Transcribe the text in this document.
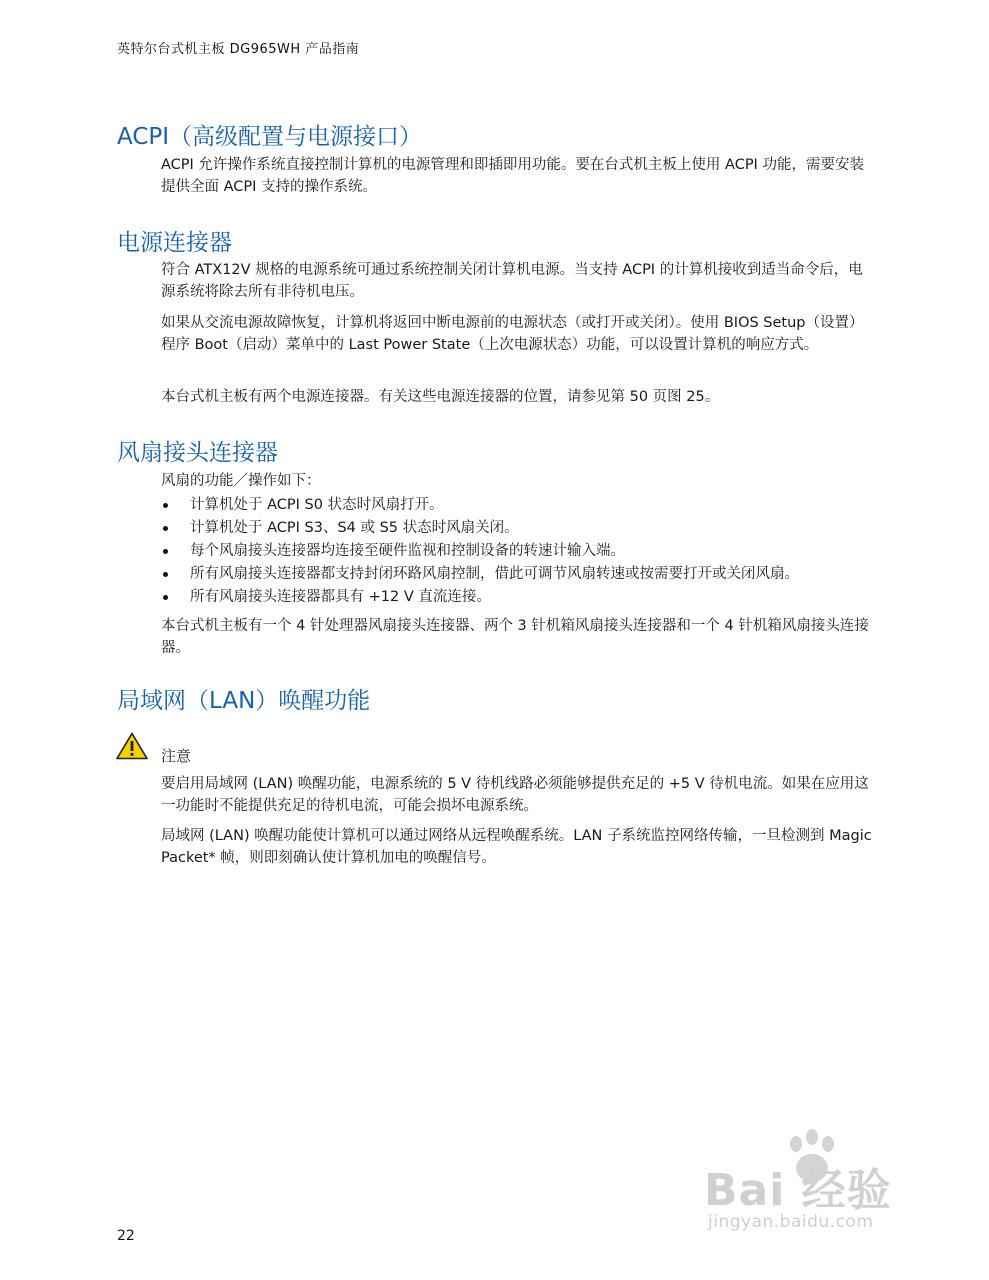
英特尔台式机主板 DG965WH 产品指南
ACPI（高级配置与电源接口）

ACPI 允许操作系统直接控制计算机的电源管理和即插即用功能。要在台式机主板上使用 ACPI 功能，需要安装提供全面 ACPI 支持的操作系统。

电源连接器

符合 ATX12V 规格的电源系统可通过系统控制关闭计算机电源。当支持 ACPI 的计算机接收到适当命令后，电源系统将除去所有非待机电压。

如果从交流电源故障恢复，计算机将返回中断电源前的电源状态（或打开或关闭）。使用 BIOS Setup（设置）程序 Boot（启动）菜单中的 Last Power State（上次电源状态）功能，可以设置计算机的响应方式。

本台式机主板有两个电源连接器。有关这些电源连接器的位置，请参见第 50 页图 25。

风扇接头连接器

风扇的功能／操作如下：

计算机处于 ACPI S0 状态时风扇打开。
计算机处于 ACPI S3、S4 或 S5 状态时风扇关闭。
每个风扇接头连接器均连接至硬件监视和控制设备的转速计输入端。
所有风扇接头连接器都支持封闭环路风扇控制，借此可调节风扇转速或按需要打开或关闭风扇。
所有风扇接头连接器都具有 +12 V 直流连接。

本台式机主板有一个 4 针处理器风扇接头连接器、两个 3 针机箱风扇接头连接器和一个 4 针机箱风扇接头连接器。

局域网（LAN）唤醒功能
注意

要启用局域网 (LAN) 唤醒功能，电源系统的 5 V 待机线路必须能够提供充足的 +5 V 待机电流。如果在应用这一功能时不能提供充足的待机电流，可能会损坏电源系统。

局域网 (LAN) 唤醒功能使计算机可以通过网络从远程唤醒系统。LAN 子系统监控网络传输，一旦检测到 Magic Packet* 帧，则即刻确认使计算机加电的唤醒信号。

Bai 经验
jingyan.baidu.com
22
